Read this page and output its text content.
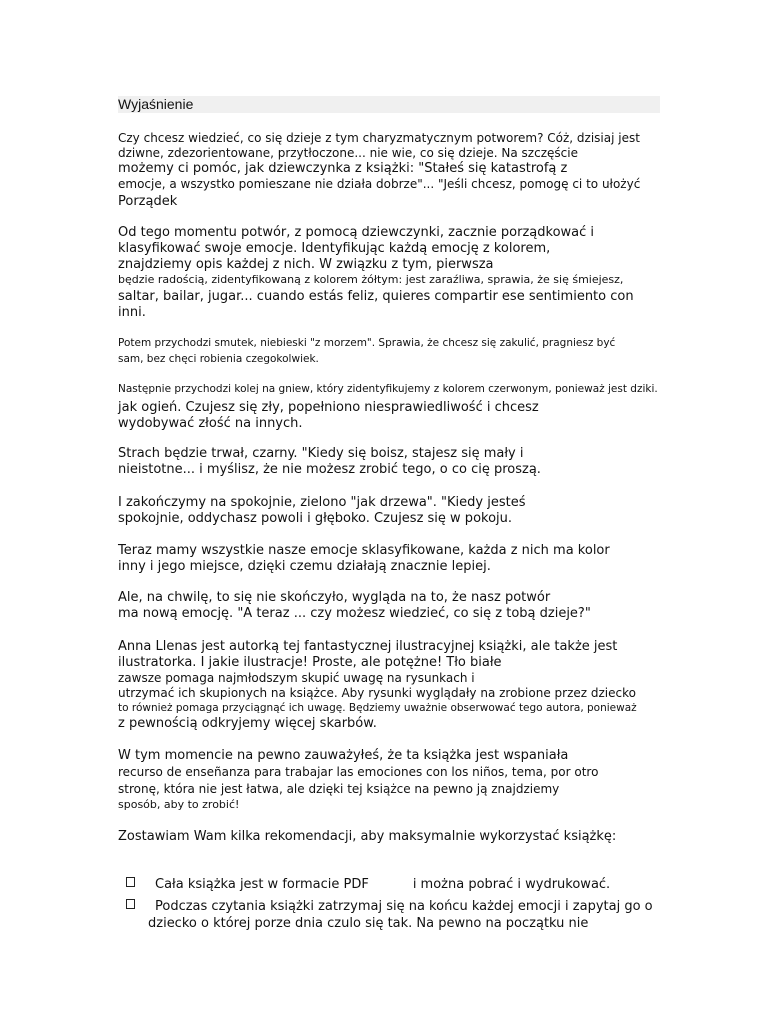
Wyjaśnienie
Czy chcesz wiedzieć, co się dzieje z tym charyzmatycznym potworem? Cóż, dzisiaj jest
dziwne, zdezorientowane, przytłoczone... nie wie, co się dzieje. Na szczęście
możemy ci pomóc, jak dziewczynka z książki: "Stałeś się katastrofą z
emocje, a wszystko pomieszane nie działa dobrze"... "Jeśli chcesz, pomogę ci to ułożyć
Porządek
Od tego momentu potwór, z pomocą dziewczynki, zacznie porządkować i
klasyfikować swoje emocje. Identyfikując każdą emocję z kolorem,
znajdziemy opis każdej z nich. W związku z tym, pierwsza
będzie radością, zidentyfikowaną z kolorem żółtym: jest zaraźliwa, sprawia, że się śmiejesz,
saltar, bailar, jugar... cuando estás feliz, quieres compartir ese sentimiento con
inni.
Potem przychodzi smutek, niebieski "z morzem". Sprawia, że chcesz się zakulić, pragniesz być
sam, bez chęci robienia czegokolwiek.
Następnie przychodzi kolej na gniew, który zidentyfikujemy z kolorem czerwonym, ponieważ jest dziki.
jak ogień. Czujesz się zły, popełniono niesprawiedliwość i chcesz
wydobywać złość na innych.
Strach będzie trwał, czarny. "Kiedy się boisz, stajesz się mały i
nieistotne... i myślisz, że nie możesz zrobić tego, o co cię proszą.
I zakończymy na spokojnie, zielono "jak drzewa". "Kiedy jesteś
spokojnie, oddychasz powoli i głęboko. Czujesz się w pokoju.
Teraz mamy wszystkie nasze emocje sklasyfikowane, każda z nich ma kolor
inny i jego miejsce, dzięki czemu działają znacznie lepiej.
Ale, na chwilę, to się nie skończyło, wygląda na to, że nasz potwór
ma nową emocję. "A teraz ... czy możesz wiedzieć, co się z tobą dzieje?"
Anna Llenas jest autorką tej fantastycznej ilustracyjnej książki, ale także jest
ilustratorka. I jakie ilustracje! Proste, ale potężne! Tło białe
zawsze pomaga najmłodszym skupić uwagę na rysunkach i
utrzymać ich skupionych na książce. Aby rysunki wyglądały na zrobione przez dziecko
to również pomaga przyciągnąć ich uwagę. Będziemy uważnie obserwować tego autora, ponieważ
z pewnością odkryjemy więcej skarbów.
W tym momencie na pewno zauważyłeś, że ta książka jest wspaniała
recurso de enseñanza para trabajar las emociones con los niños, tema, por otro
stronę, która nie jest łatwa, ale dzięki tej książce na pewno ją znajdziemy
sposób, aby to zrobić!
Zostawiam Wam kilka rekomendacji, aby maksymalnie wykorzystać książkę:
Cała książka jest w formacie PDF	i można pobrać i wydrukować.
Podczas czytania książki zatrzymaj się na końcu każdej emocji i zapytaj go o
dziecko o której porze dnia czulo się tak. Na pewno na początku nie
